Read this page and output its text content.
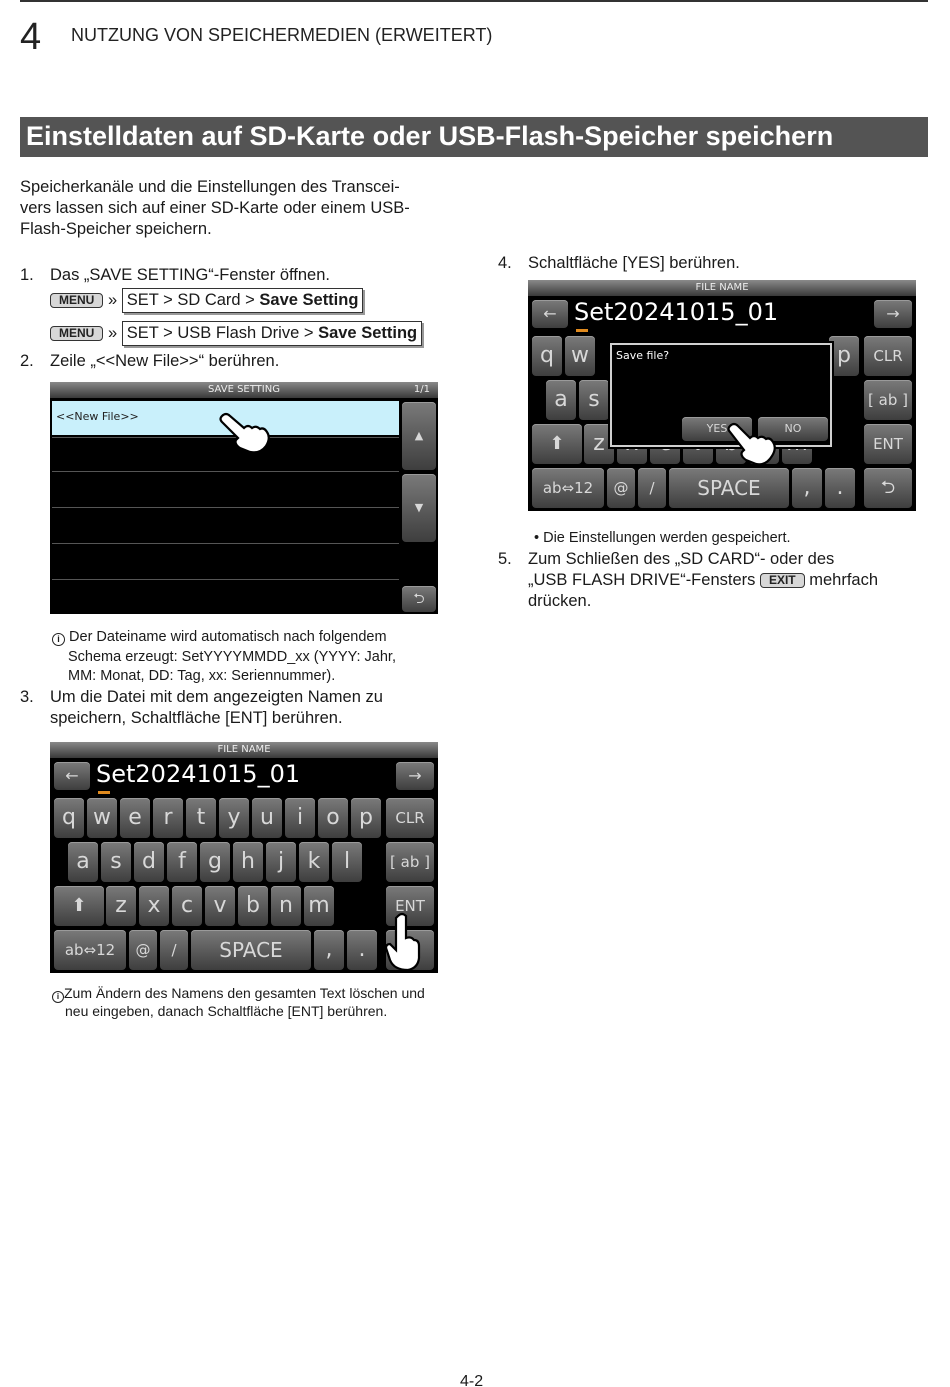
4 NUTZUNG VON SPEICHERMEDIEN (ERWEITERT)
Einstelldaten auf SD-Karte oder USB-Flash-Speicher speichern
Speicherkanäle und die Einstellungen des Transcei-
vers lassen sich auf einer SD-Karte oder einem USB-
Flash-Speicher speichern.
1. Das „SAVE SETTING“-Fenster öffnen.
MENU » SET > SD Card > Save Setting
MENU » SET > USB Flash Drive > Save Setting
2. Zeile „<<New File>>“ berühren.
SAVE SETTING	1/1
<<New File>>
▲
▼
⮌
i Der Dateiname wird automatisch nach folgendem
Schema erzeugt: SetYYYYMMDD_xx (YYYY: Jahr,
MM: Monat, DD: Tag, xx: Seriennummer).
3. Um die Datei mit dem angezeigten Namen zu
speichern, Schaltfläche [ENT] berühren.
FILE NAME
← Set20241015_01	→
q w e r	t	y u	i	o p	CLR
a s d	f	g h	j	k	l	[ ab ]
⬆	z x c v b n m	ENT
ab⇔12	@	/	SPACE	,	.
i Zum Ändern des Namens den gesamten Text löschen und
neu eingeben, danach Schaltfläche [ENT] berühren.
4. Schaltfläche [YES] berühren.
FILE NAME
← Set20241015_01	→
q w	p	CLR
a s	[ ab ]
⬆	z	ENT
ab⇔12	@	/	SPACE	,	.	⮌
Save file?
YES	NO
• Die Einstellungen werden gespeichert.
5. Zum Schließen des „SD CARD“- oder des
„USB FLASH DRIVE“-Fensters EXIT mehrfach
drücken.
4-2
